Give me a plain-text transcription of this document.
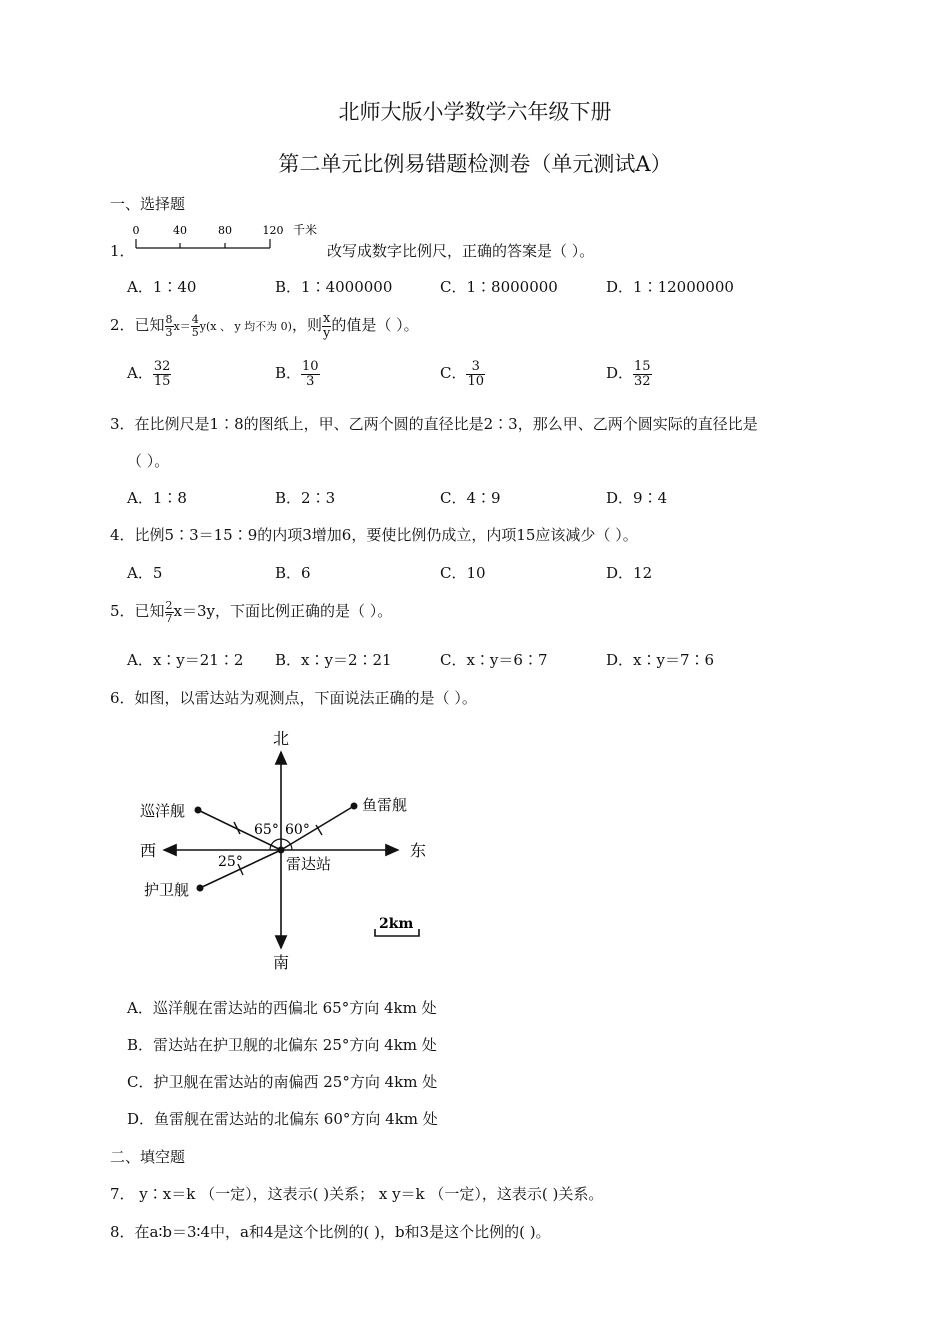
北师大版小学数学六年级下册
第二单元比例易错题检测卷（单元测试A）
一、选择题
1．
0	40	80	120 千米
改写成数字比例尺，正确的答案是（ ）。
A．1∶40	B．1∶4000000	C．1∶8000000	D．1∶12000000
2．已知 $\frac{8}{3} x= \frac{4}{5} y(x$ 、 y 均不为 0)，则 $\frac{x}{y}$ 的值是（ ）。
A． $\frac{32}{15}$	B． $\frac{10}{3}$	C． $\frac{3}{10}$	D． $\frac{15}{32}$
3．在比例尺是1∶8的图纸上，甲、乙两个圆的直径比是2∶3，那么甲、乙两个圆实际的直径比是
（ ）。
A．1∶8	B．2∶3	C．4∶9	D．9∶4
4．比例5∶3＝15∶9的内项3增加6，要使比例仍成立，内项15应该减少（ ）。
A．5	B．6	C．10	D．12
5．已知 $\frac{2}{7} x=3y$，下面比例正确的是（ ）。
A．x∶y＝21∶2 B．x∶y＝2∶21	C．x∶y＝6∶7	D．x∶y＝7∶6
6．如图，以雷达站为观测点，下面说法正确的是（ ）。
北
南
东
西
雷达站
巡洋舰	鱼雷舰
护卫舰
65° 60°
25°
2km
A．巡洋舰在雷达站的西偏北 65°方向 4km 处
B．雷达站在护卫舰的北偏东 25°方向 4km 处
C．护卫舰在雷达站的南偏西 25°方向 4km 处
D．鱼雷舰在雷达站的北偏东 60°方向 4km 处
二、填空题
7． y∶x＝k （一定），这表示( )关系； x y＝k （一定），这表示( )关系。
8．在a∶b＝3∶4中，a和4是这个比例的( )，b和3是这个比例的( )。
